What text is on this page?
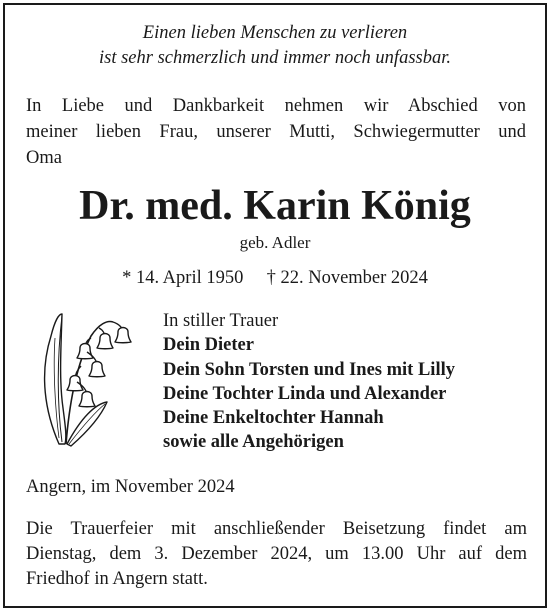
Einen lieben Menschen zu verlieren
ist sehr schmerzlich und immer noch unfassbar.
In Liebe und Dankbarkeit nehmen wir Abschied von
meiner lieben Frau, unserer Mutti, Schwiegermutter und
Oma
Dr. med. Karin König
geb. Adler
* 14. April 1950 † 22. November 2024
In stiller Trauer
Dein Dieter
Dein Sohn Torsten und Ines mit Lilly
Deine Tochter Linda und Alexander
Deine Enkeltochter Hannah
sowie alle Angehörigen
Angern, im November 2024
Die Trauerfeier mit anschließender Beisetzung findet am
Dienstag, dem 3. Dezember 2024, um 13.00 Uhr auf dem
Friedhof in Angern statt.
